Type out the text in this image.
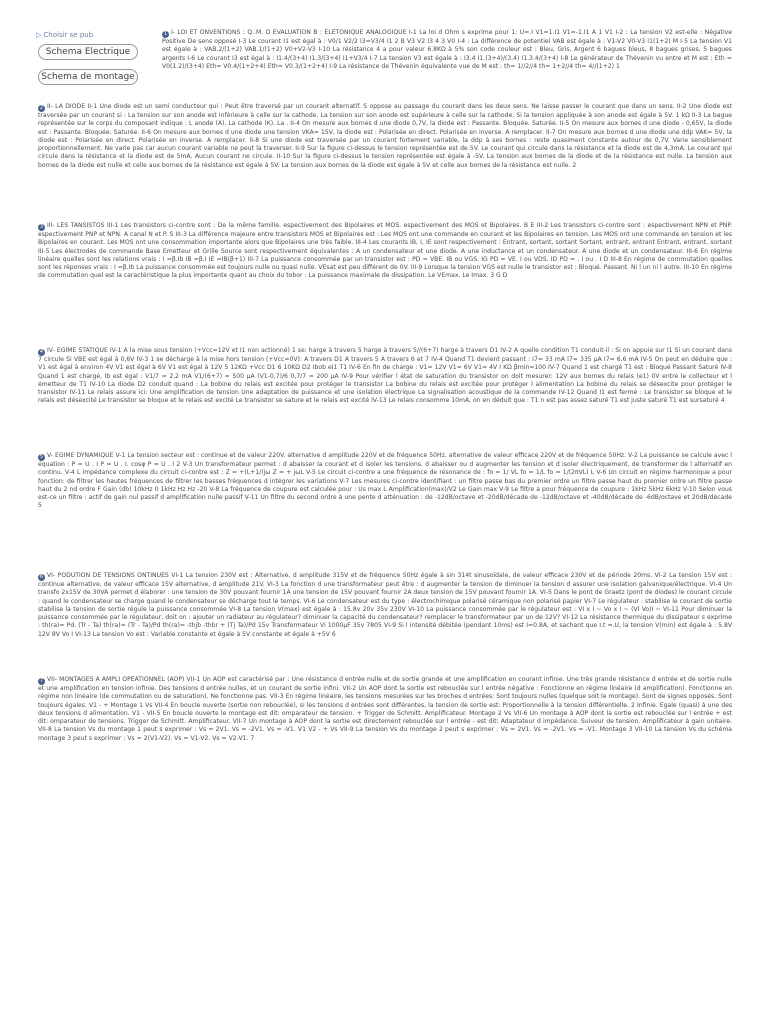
▷ Choisir se pub
Schema Electrique
Schema de montage
1 I- LOI ET ONVENTIONS : Q..M. D EVALUATION B : ELETONIQUE ANALOGIQUE I-1 La loi d Ohm s exprime pour 1: U=.I V1=1.I1 V1=-1.I1 A 1 V1 I-2 : La tension V2 est-elle : Négative Positive De sens opposé I-3 Le courant I1 est égal à : V0/1 V2/2 I3=V3/4 I1 2 B V3 V2 I3 4 3 V0 I-4 : La différence de potentiel VAB est égale à : V1-V2 V0-V3 I1(1+2) M I-5 La tension V1 est égale à : VAB.2/(1+2) VAB.1/(1+2) V0+V2-V3 I-10 La résistance 4 a pour valeur 6.8KΩ à 5% son code couleur est : Bleu, Gris, Argent 6 bagues bleus, 8 bagues grises, 5 bagues argents I-6 Le courant I3 est égal à : I1.4/(3+4) I1.3/(3+4) I1+V3/4 I-7 La tension V3 est égale à : I3.4 I1.(3+4)/(3.4) I1.3.4/(3+4) I-8 Le générateur de Thévenin vu entre et M est : Eth = V0(1.2)/(3+4) Eth= V0.4/(1+2+4) Eth= V0.3/(1+2+4) I-9 La résistance de Thévenin équivalente vue de M est : th= 1//2//4 th= 1+2//4 th= 4//(1+2) 1
2 II- LA DIODE II-1 Une diode est un semi conducteur qui : Peut être traversé par un courant alternatif. S oppose au passage du courant dans les deux sens. Ne laisse passer le courant que dans un sens. II-2 Une diode est traversée par un courant si : La tension sur son anode est inférieure à celle sur la cathode. La tension sur son anode est supérieure à celle sur la cathode. Si la tension appliquée à son anode est égale à 5V. 1 kΩ II-3 La bague représentée sur le corps du composant indique : L anode (A). La cathode (K). La . II-4 On mesure aux bornes d une diode 0,7V, la diode est : Passante. Bloquée. Saturée. II-5 On mesure aux bornes d une diode - 0,65V, la diode est : Passante. Bloquée. Saturée. II-6 On mesure aux bornes d une diode une tension VKA= 15V, la diode est : Polarisée en direct. Polarisée en inverse. A remplacer. II-7 On mesure aux bornes d une diode une ddp VAK= 5V, la diode est : Polarisée en direct. Polarisée en inverse. A remplacer. II-8 Si une diode est traversée par un courant fortement variable, la ddp à ses bornes : reste quasiment constante autour de 0,7V. Varie sensiblement proportionnellement. Ne varie pas car aucun courant variable ne peut la traverser. II-9 Sur la figure ci-dessus le tension représentée est de 5V. Le courant qui circule dans la résistance et la diode est de 4,3mA. Le courant qui circule dans la résistance et la diode est de 5mA. Aucun courant ne circule. II-10 Sur la figure ci-dessus le tension représentée est égale à -5V. La tension aux bornes de la diode et de la résistance est nulle. La tension aux bornes de la diode est nulle et celle aux bornes de la résistance est égale à 5V. La tension aux bornes de la diode est égale à 5V et celle aux bornes de la résistance est nulle. 2
3 III- LES TANSISTOS III-1 Les transistors ci-contre sont : De la même famille. espectivement des Bipolaires et MOS. espectivement des MOS et Bipolaires. B E III-2 Les transistors ci-contre sont : espectivement NPN et PNP. espectivement PNP et NPN. A canal N et P. S III-3 La différence majeure entre transistors MOS et Bipolaires est : Les MOS ont une commande en courant et les Bipolaires en tension. Les MOS ont une commande en tension et les Bipolaires en courant. Les MOS ont une consommation importante alors que Bipolaires une très faible. III-4 Les courants IB, I, IE sont respectivement : Entrant, sortant, sortant Sortant, entrant, entrant Entrant, entrant, sortant III-5 Les électrodes de commande Base Emetteur et Grille Source sont respectivement équivalentes : A un condensateur et une diode. A une inductance et un condensateur. A une diode et un condensateur. III-6 En régime linéaire quelles sont les relations vrais : I =β.Ib IB =β.I IE =IB(β+1) III-7 La puissance consommée par un transistor est : PD = VBE. IB ou VGS. IG PD = VE. I ou VDS. ID PD = . I ou . I D III-8 En régime de commutation quelles sont les réponses vrais : I =β.Ib La puissance consommée est toujours nulle ou quasi nulle. VEsat est peu différent de 0V. III-9 Lorsque la tension VGS est nulle le transistor est : Bloqué. Passant. Ni l un ni l autre. III-10 En régime de commutation quel est la caractéristique la plus importante quant au choix du tobor : La puissance maximale de dissipation. Le VEmax. Le Imax. 3 G D
4 IV- EGIME STATIQUE IV-1 A la mise sous tension (+Vcc=12V et I1 non actionné) 1 se: harge à travers 5 harge à travers 5//(6+7) harge à travers D1 IV-2 A quelle condition T1 conduit-il : Si on appuie sur I1 Si un courant dans 7 circule Si VBE est égal à 0,6V IV-3 1 se décharge à la mise hors tension (+Vcc=0V): A travers D1 A travers 5 A travers 6 et 7 IV-4 Quand T1 devient passant : I7= 33 mA I7= 335 µA I7= 6,6 mA IV-5 On peut en déduire que : V1 est égal à environ 4V V1 est égal à 6V V1 est égal à 12V 5 12KΩ +Vcc D1 6 10KΩ D2 Ibob eI1 T1 IV-6 En fin de charge : V1= 12V V1= 6V V1= 4V I KΩ βmin=100 IV-7 Quand 1 est chargé T1 est : Bloqué Passant Saturé IV-8 Quand 1 est chargé, Ib est égal : V1/7 = 2,2 mA V1/(6+7) = 500 µA (V1-0,7)/6 0,7/7 = 200 µA IV-9 Pour vérifier l état de saturation du transistor on doit mesurer: 12V aux bornes du relais (e1) 0V entre le collecteur et l émetteur de T1 IV-10 La diode D2 conduit quand : La bobine du relais est excitée pour protéger le transistor La bobine du relais est excitée pour protéger l alimentation La bobine du relais se désexcite pour protéger le transistor IV-11 Le relais assure ici: Une amplification de tension Une adaptation de puissance et une isolation électrique La signalisation acoustique de la commande IV-12 Quand I1 est fermé : Le transistor se bloque et le relais est désexcité Le transistor se bloque et le relais est excité Le transistor se sature et le relais est excité IV-13 Le relais consomme 10mA, on en déduit que : T1 n est pas assez saturé T1 est juste saturé T1 est sursaturé 4
5 V- EGIME DYNAMIQUE V-1 La tension secteur est : continue et de valeur 220V. alternative d amplitude 220V et de fréquence 50Hz. alternative de valeur efficace 220V et de fréquence 50Hz. V-2 La puissance se calcule avec l équation : P = U . I P = U . I. cosφ P = U . I 2 V-3 Un transformateur permet : d abaisser la courant et d isoler les tensions. d abaisser ou d augmenter les tension et d isoler électriquement. de transformer de l alternatif en continu. V-4 L impédance complexe du circuit ci-contre est : Z = +(L+1/(jω Z = + jωL V-5 Le circuit ci-contre a une fréquence de résonance de : fo = 1/ VL fo = 1/L fo = 1/(2πVL) L V-6 Un circuit en régime harmonique a pour fonction: de filtrer les hautes fréquences de filtrer les basses fréquences d intégrer les variations V-7 Les mesures ci-contre identifiant : un filtre passe bas du premier ordre un filtre passe haut du premier ordre un filtre passe haut du 2 nd ordre F Gain (db) 10kHz 0 1kHz Hz Hz -20 V-8 La fréquence de coupure est calculée pour : Us max L Amplification(max)/V2 Le Gain max V-9 Le filtre a pour fréquence de coupure : 1kHz 5kHz 6kHz V-10 Selon vous est-ce un filtre : actif de gain nul passif d amplification nulle passif V-11 Un filtre du second ordre à une pente d atténuation : de -12dB/octave et -20dB/décade de -12dB/octave et -40dB/décade de -6dB/octave et 20dB/décade 5
6 VI- PODUTION DE TENSIONS ONTINUES VI-1 La tension 230V est : Alternative, d amplitude 315V et de fréquence 50Hz égale à sin 314t sinusoïdale, de valeur efficace 230V et de période 20ms. VI-2 La tension 15V est : continue alternative, de valeur efficace 15V alternative, d amplitude 21V. VI-3 La fonction d une transformateur peut être : d augmenter la tension de diminuer la tension d assurer une isolation galvanique/électrique. VI-4 Un transfo 2x15V de 30VA permet d élaborer : une tension de 30V pouvant fournir 1A une tension de 15V pouvant fournir 2A deux tension de 15V pouvant fournir 1A. VI-5 Dans le pont de Graetz (pont de diodes) le courant circule : quand le condensateur se charge quand le condensateur se décharge tout le temps. VI-6 Le condensateur est du type : électrochimique polarisé céramique non polarisé papier VI-7 Le régulateur : stabilise le courant de sortie stabilise la tension de sortie régule la puissance consommée VI-8 La tension V(max) est égale à : 15.8v 20v 35v 230V VI-10 La puissance consommée par le régulateur est : VI x I ~ Vo x I ~ (VI Vo)I ~ VI-11 Pour diminuer la puissance consommée par le régulateur, doit on : ajouter un radiateur au régulateur? diminuer la capacité du condensateur? remplacer le transformateur par un de 12V? VI-12 La résistance thermique du dissipateur s exprime : th(ra)= Pd. (Tr - Ta) th(ra)= (Tr - Ta)/Pd th(ra)= -thjb -thbr + (Tj Ta)/Pd 15v Transformateur Vi 1000µF 35v 7805 VI-9 Si l intensité débitée (pendant 10ms) est I=0.8A, et sachant que I.t =.U, la tension V(min) est égale à : 5.8V 12V 8V Vo I VI-13 La tension Vo est : Variable constante et égale à 5V constante et égale à +5V 6
7 VII- MONTAGES A AMPLI OPEATIONNEL (AOP) VII-1 Un AOP est caractérisé par : Une résistance d entrée nulle et de sortie grande et une amplification en courant infinie. Une très grande résistance d entrée et de sortie nulle et une amplification en tension infinie. Des tensions d entrée nulles, et un courant de sortie infini. VII-2 Un AOP dont la sortie est rebouclée sur l entrée négative : Fonctionne en régime linéaire (d amplification). Fonctionne en régime non linéaire (de commutation ou de saturation). Ne fonctionne pas. VII-3 En régime linéaire, les tensions mesurées sur les broches d entrées: Sont toujours nulles (quelque soit le montage). Sont de signes opposés. Sont toujours égales. V1 - + Montage 1 Vs VII-4 En boucle ouverte (sortie non rebouclée), si les tensions d entrées sont différentes, la tension de sortie est: Proportionnelle à la tension différentielle. 2 Infinie. Egale (quasi) à une des deux tensions d alimentation. V1 - VII-5 En boucle ouverte le montage est dit: omparateur de tension. + Trigger de Schmitt. Amplificateur. Montage 2 Vs VII-6 Un montage à AOP dont la sortie est rebouclée sur l entrée + est dit: omparateur de tensions. Trigger de Schmitt. Amplificateur. VII-7 Un montage à AOP dont la sortie est directement rebouclée sur l entrée - est dit: Adaptateur d impédance. Suiveur de tension. Amplificateur à gain unitaire. VII-8 La tension Vs du montage 1 peut s exprimer : Vs = 2V1. Vs = -2V1. Vs = -V1. V1 V2 - + Vs VII-9 La tension Vs du montage 2 peut s exprimer : Vs = 2V1. Vs = -2V1. Vs = -V1. Montage 3 VII-10 La tension Vs du schéma montage 3 peut s exprimer : Vs = 2(V1-V2). Vs = V1-V2. Vs = V2-V1. 7
